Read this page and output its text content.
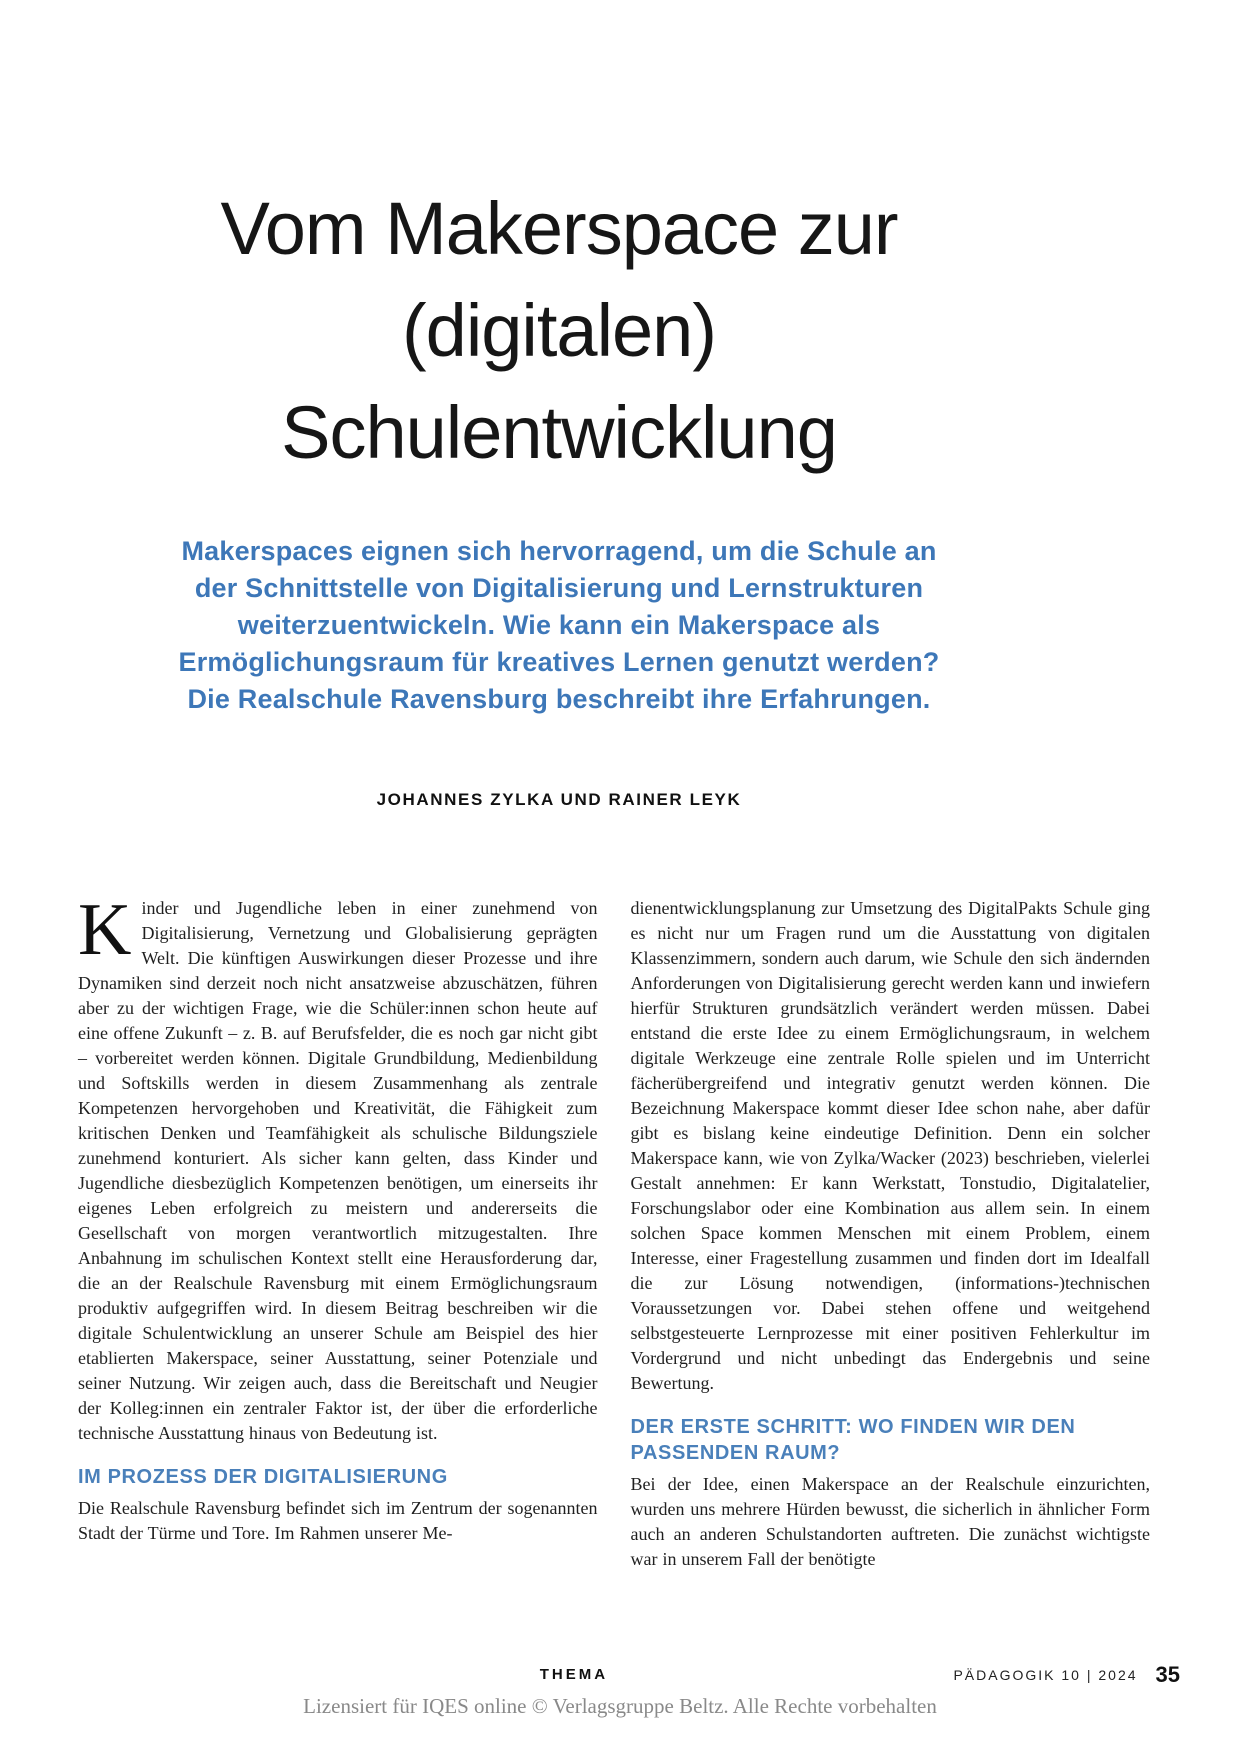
Vom Makerspace zur
(digitalen)
Schulentwicklung
Makerspaces eignen sich hervorragend, um die Schule an
der Schnittstelle von Digitalisierung und Lernstrukturen
weiterzuentwickeln. Wie kann ein Makerspace als
Ermöglichungsraum für kreatives Lernen genutzt werden?
Die Realschule Ravensburg beschreibt ihre Erfahrungen.
JOHANNES ZYLKA UND RAINER LEYK

Kinder und Jugendliche leben in einer zunehmend von Digitalisierung, Vernetzung und Globalisierung geprägten Welt. Die künftigen Auswirkungen dieser Prozesse und ihre Dynamiken sind derzeit noch nicht ansatzweise abzuschätzen, führen aber zu der wichtigen Frage, wie die Schüler:innen schon heute auf eine offene Zukunft – z. B. auf Berufsfelder, die es noch gar nicht gibt – vorbereitet werden können. Digitale Grundbildung, Medienbildung und Softskills werden in diesem Zusammenhang als zentrale Kompetenzen hervorgehoben und Kreativität, die Fähigkeit zum kritischen Denken und Teamfähigkeit als schulische Bildungsziele zunehmend konturiert. Als sicher kann gelten, dass Kinder und Jugendliche diesbezüglich Kompetenzen benötigen, um einerseits ihr eigenes Leben erfolgreich zu meistern und andererseits die Gesellschaft von morgen verantwortlich mitzugestalten. Ihre Anbahnung im schulischen Kontext stellt eine Herausforderung dar, die an der Realschule Ravensburg mit einem Ermöglichungsraum produktiv aufgegriffen wird. In diesem Beitrag beschreiben wir die digitale Schulentwicklung an unserer Schule am Beispiel des hier etablierten Makerspace, seiner Ausstattung, seiner Potenziale und seiner Nutzung. Wir zeigen auch, dass die Bereitschaft und Neugier der Kolleg:innen ein zentraler Faktor ist, der über die erforderliche technische Ausstattung hinaus von Bedeutung ist.

IM PROZESS DER DIGITALISIERUNG

Die Realschule Ravensburg befindet sich im Zentrum der sogenannten Stadt der Türme und Tore. Im Rahmen unserer Me-

dienentwicklungsplanung zur Umsetzung des DigitalPakts Schule ging es nicht nur um Fragen rund um die Ausstattung von digitalen Klassenzimmern, sondern auch darum, wie Schule den sich ändernden Anforderungen von Digitalisierung gerecht werden kann und inwiefern hierfür Strukturen grundsätzlich verändert werden müssen. Dabei entstand die erste Idee zu einem Ermöglichungsraum, in welchem digitale Werkzeuge eine zentrale Rolle spielen und im Unterricht fächerübergreifend und integrativ genutzt werden können. Die Bezeichnung Makerspace kommt dieser Idee schon nahe, aber dafür gibt es bislang keine eindeutige Definition. Denn ein solcher Makerspace kann, wie von Zylka/Wacker (2023) beschrieben, vielerlei Gestalt annehmen: Er kann Werkstatt, Tonstudio, Digitalatelier, Forschungslabor oder eine Kombination aus allem sein. In einem solchen Space kommen Menschen mit einem Problem, einem Interesse, einer Fragestellung zusammen und finden dort im Idealfall die zur Lösung notwendigen, (informations-)technischen Voraussetzungen vor. Dabei stehen offene und weitgehend selbstgesteuerte Lernprozesse mit einer positiven Fehlerkultur im Vordergrund und nicht unbedingt das Endergebnis und seine Bewertung.

DER ERSTE SCHRITT: WO FINDEN WIR DEN PASSENDEN RAUM?

Bei der Idee, einen Makerspace an der Realschule einzurichten, wurden uns mehrere Hürden bewusst, die sicherlich in ähnlicher Form auch an anderen Schulstandorten auftreten. Die zunächst wichtigste war in unserem Fall der benötigte

THEMA	PÄDAGOGIK 10 | 2024 35
Lizensiert für IQES online © Verlagsgruppe Beltz. Alle Rechte vorbehalten
